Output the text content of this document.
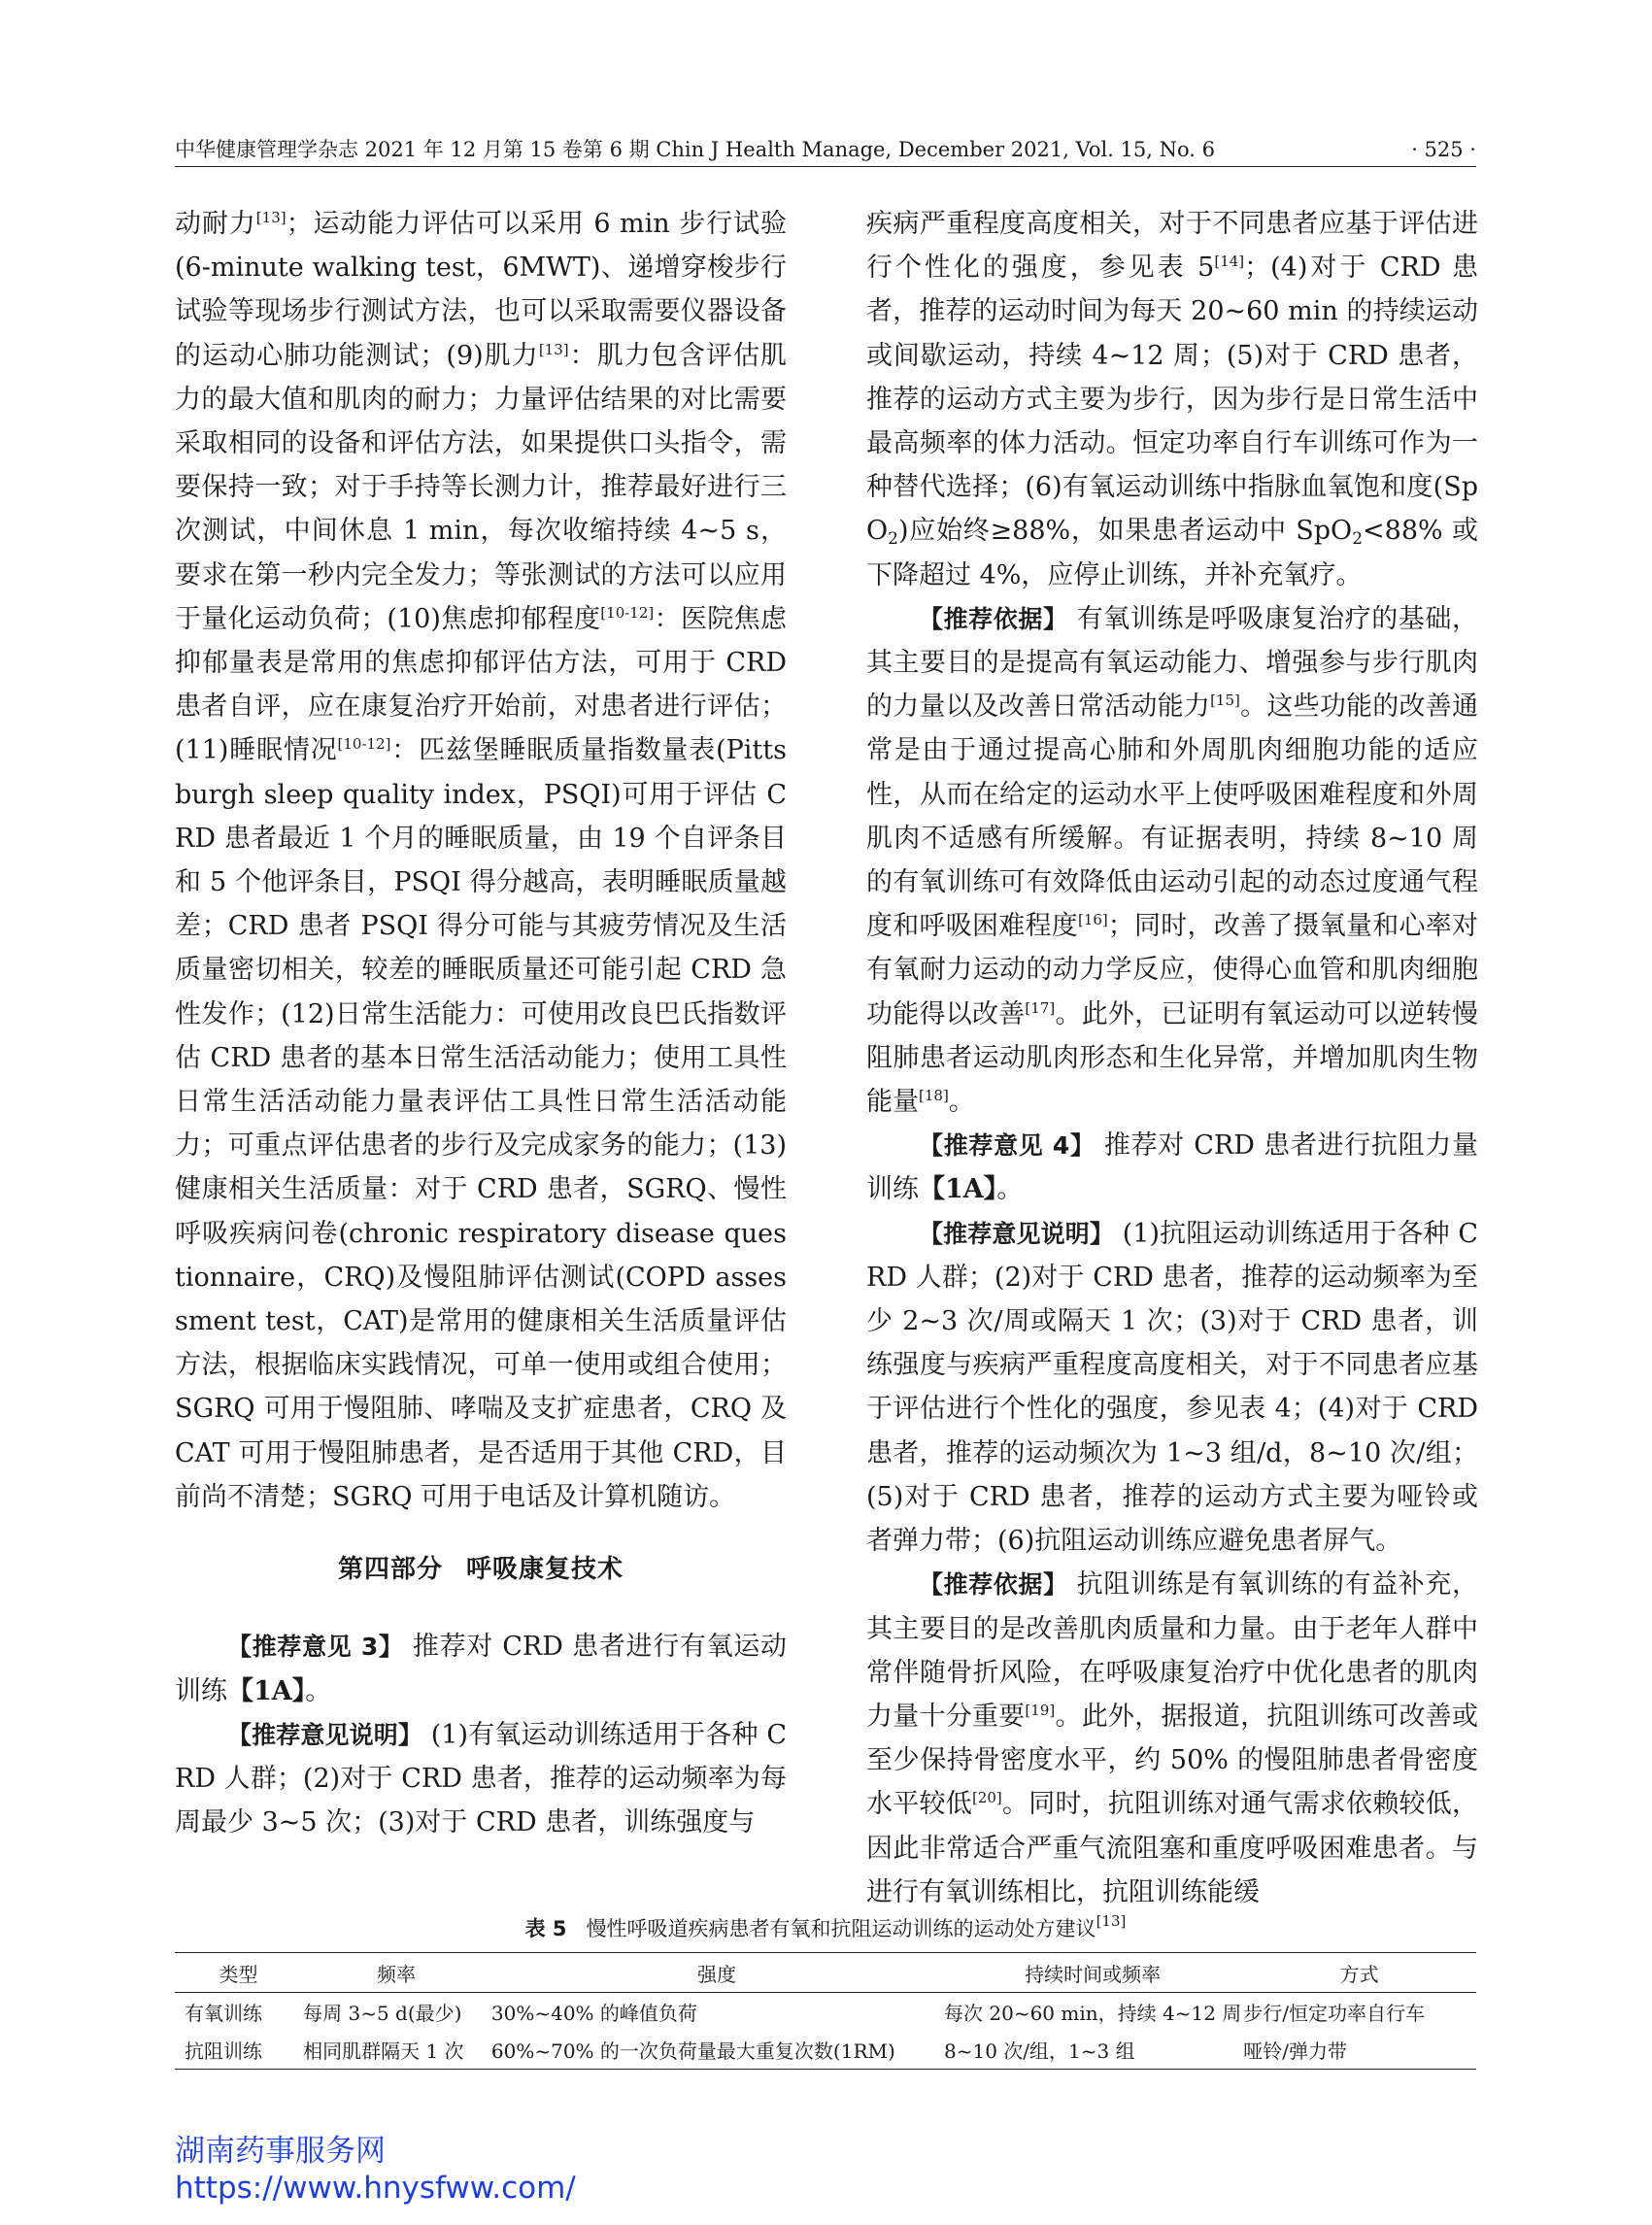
中华健康管理学杂志 2021 年 12 月第 15 卷第 6 期 Chin J Health Manage, December 2021, Vol. 15, No. 6	· 525 ·

动耐力[13]；运动能力评估可以采用 6 min 步行试验 (6-minute walking test，6MWT)、递增穿梭步行试验等现场步行测试方法，也可以采取需要仪器设备的运动心肺功能测试；(9)肌力[13]：肌力包含评估肌力的最大值和肌肉的耐力；力量评估结果的对比需要采取相同的设备和评估方法，如果提供口头指令，需要保持一致；对于手持等长测力计，推荐最好进行三次测试，中间休息 1 min，每次收缩持续 4~5 s，要求在第一秒内完全发力；等张测试的方法可以应用于量化运动负荷；(10)焦虑抑郁程度[10-12]：医院焦虑抑郁量表是常用的焦虑抑郁评估方法，可用于 CRD 患者自评，应在康复治疗开始前，对患者进行评估；(11)睡眠情况[10-12]：匹兹堡睡眠质量指数量表(Pittsburgh sleep quality index，PSQI)可用于评估 CRD 患者最近 1 个月的睡眠质量，由 19 个自评条目和 5 个他评条目，PSQI 得分越高，表明睡眠质量越差；CRD 患者 PSQI 得分可能与其疲劳情况及生活质量密切相关，较差的睡眠质量还可能引起 CRD 急性发作；(12)日常生活能力：可使用改良巴氏指数评估 CRD 患者的基本日常生活活动能力；使用工具性日常生活活动能力量表评估工具性日常生活活动能力；可重点评估患者的步行及完成家务的能力；(13)健康相关生活质量：对于 CRD 患者，SGRQ、慢性呼吸疾病问卷(chronic respiratory disease questionnaire，CRQ)及慢阻肺评估测试(COPD assessment test，CAT)是常用的健康相关生活质量评估方法，根据临床实践情况，可单一使用或组合使用；SGRQ 可用于慢阻肺、哮喘及支扩症患者，CRQ 及 CAT 可用于慢阻肺患者，是否适用于其他 CRD，目前尚不清楚；SGRQ 可用于电话及计算机随访。

第四部分 呼吸康复技术

【推荐意见 3】 推荐对 CRD 患者进行有氧运动训练【1A】。

【推荐意见说明】 (1)有氧运动训练适用于各种 CRD 人群；(2)对于 CRD 患者，推荐的运动频率为每周最少 3~5 次；(3)对于 CRD 患者，训练强度与

疾病严重程度高度相关，对于不同患者应基于评估进行个性化的强度，参见表 5[14]；(4)对于 CRD 患者，推荐的运动时间为每天 20~60 min 的持续运动或间歇运动，持续 4~12 周；(5)对于 CRD 患者，推荐的运动方式主要为步行，因为步行是日常生活中最高频率的体力活动。恒定功率自行车训练可作为一种替代选择；(6)有氧运动训练中指脉血氧饱和度(SpO$_2$)应始终≥88%，如果患者运动中 SpO$_2$<88% 或下降超过 4%，应停止训练，并补充氧疗。

【推荐依据】 有氧训练是呼吸康复治疗的基础，其主要目的是提高有氧运动能力、增强参与步行肌肉的力量以及改善日常活动能力[15]。这些功能的改善通常是由于通过提高心肺和外周肌肉细胞功能的适应性，从而在给定的运动水平上使呼吸困难程度和外周肌肉不适感有所缓解。有证据表明，持续 8~10 周的有氧训练可有效降低由运动引起的动态过度通气程度和呼吸困难程度[16]；同时，改善了摄氧量和心率对有氧耐力运动的动力学反应，使得心血管和肌肉细胞功能得以改善[17]。此外，已证明有氧运动可以逆转慢阻肺患者运动肌肉形态和生化异常，并增加肌肉生物能量[18]。

【推荐意见 4】 推荐对 CRD 患者进行抗阻力量训练【1A】。

【推荐意见说明】 (1)抗阻运动训练适用于各种 CRD 人群；(2)对于 CRD 患者，推荐的运动频率为至少 2~3 次/周或隔天 1 次；(3)对于 CRD 患者，训练强度与疾病严重程度高度相关，对于不同患者应基于评估进行个性化的强度，参见表 4；(4)对于 CRD 患者，推荐的运动频次为 1~3 组/d，8~10 次/组；(5)对于 CRD 患者，推荐的运动方式主要为哑铃或者弹力带；(6)抗阻运动训练应避免患者屏气。

【推荐依据】 抗阻训练是有氧训练的有益补充，其主要目的是改善肌肉质量和力量。由于老年人群中常伴随骨折风险，在呼吸康复治疗中优化患者的肌肉力量十分重要[19]。此外，据报道，抗阻训练可改善或至少保持骨密度水平，约 50% 的慢阻肺患者骨密度水平较低[20]。同时，抗阻训练对通气需求依赖较低，因此非常适合严重气流阻塞和重度呼吸困难患者。与进行有氧训练相比，抗阻训练能缓

表 5 慢性呼吸道疾病患者有氧和抗阻运动训练的运动处方建议[13]
类型	频率	强度	持续时间或频率	方式
有氧训练	每周 3~5 d(最少)	30%~40% 的峰值负荷	每次 20~60 min，持续 4~12 周	步行/恒定功率自行车
抗阻训练	相同肌群隔天 1 次	60%~70% 的一次负荷量最大重复次数(1RM)	8~10 次/组，1~3 组	哑铃/弹力带
湖南药事服务网
https://www.hnysfww.com/
